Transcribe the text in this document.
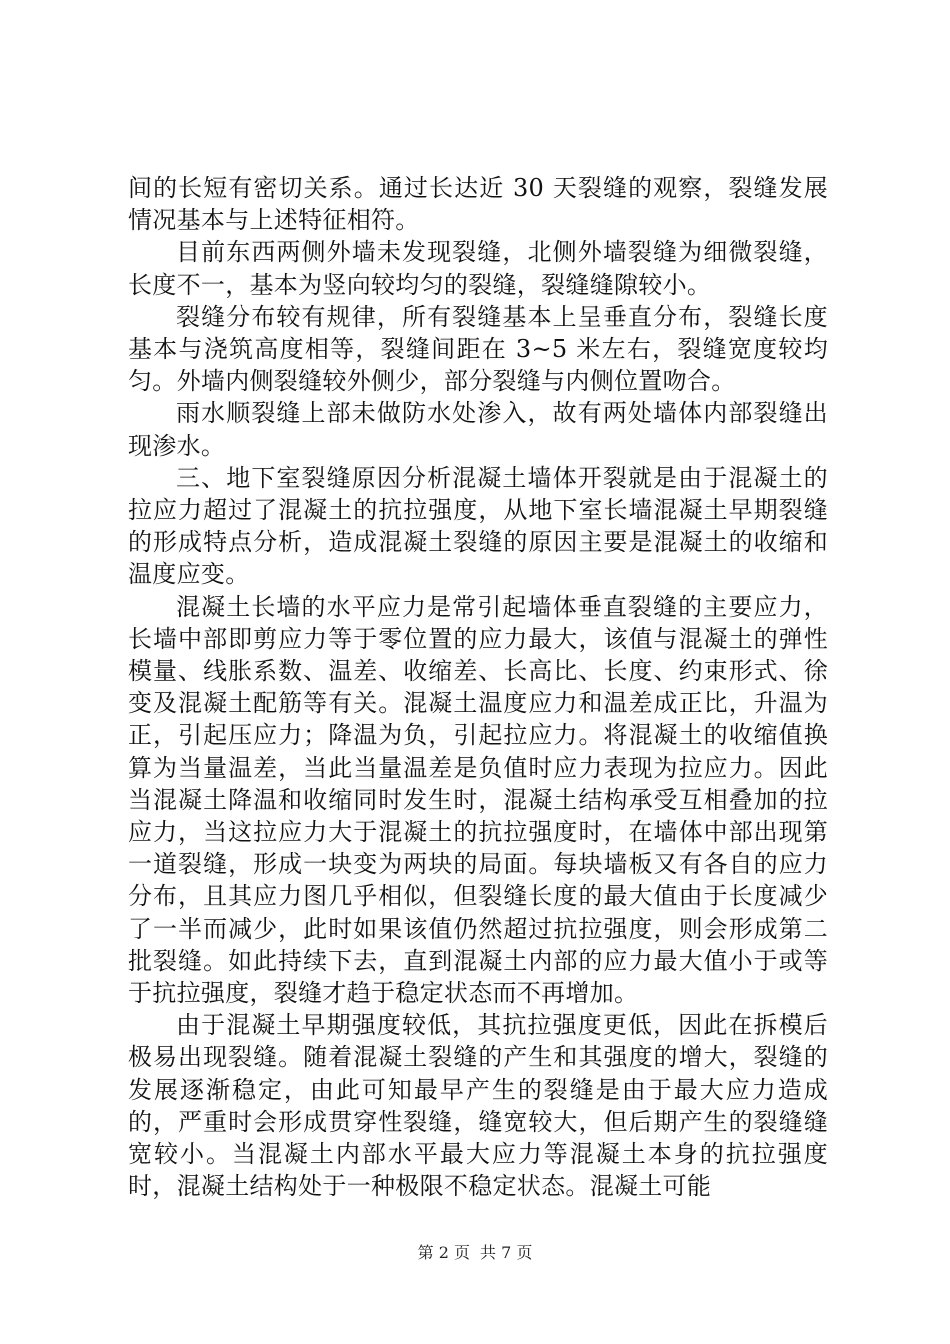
间的长短有密切关系。通过长达近 30 天裂缝的观察，裂缝发展情况基本与上述特征相符。

目前东西两侧外墙未发现裂缝，北侧外墙裂缝为细微裂缝，长度不一，基本为竖向较均匀的裂缝，裂缝缝隙较小。

裂缝分布较有规律，所有裂缝基本上呈垂直分布，裂缝长度基本与浇筑高度相等，裂缝间距在 3~5 米左右，裂缝宽度较均匀。外墙内侧裂缝较外侧少，部分裂缝与内侧位置吻合。

雨水顺裂缝上部未做防水处渗入，故有两处墙体内部裂缝出现渗水。

三、地下室裂缝原因分析混凝土墙体开裂就是由于混凝土的拉应力超过了混凝土的抗拉强度，从地下室长墙混凝土早期裂缝的形成特点分析，造成混凝土裂缝的原因主要是混凝土的收缩和温度应变。

混凝土长墙的水平应力是常引起墙体垂直裂缝的主要应力，长墙中部即剪应力等于零位置的应力最大，该值与混凝土的弹性模量、线胀系数、温差、收缩差、长高比、长度、约束形式、徐变及混凝土配筋等有关。混凝土温度应力和温差成正比，升温为正，引起压应力；降温为负，引起拉应力。将混凝土的收缩值换算为当量温差，当此当量温差是负值时应力表现为拉应力。因此当混凝土降温和收缩同时发生时，混凝土结构承受互相叠加的拉应力，当这拉应力大于混凝土的抗拉强度时，在墙体中部出现第一道裂缝，形成一块变为两块的局面。每块墙板又有各自的应力分布，且其应力图几乎相似，但裂缝长度的最大值由于长度减少了一半而减少，此时如果该值仍然超过抗拉强度，则会形成第二批裂缝。如此持续下去，直到混凝土内部的应力最大值小于或等于抗拉强度，裂缝才趋于稳定状态而不再增加。

由于混凝土早期强度较低，其抗拉强度更低，因此在拆模后极易出现裂缝。随着混凝土裂缝的产生和其强度的增大，裂缝的发展逐渐稳定，由此可知最早产生的裂缝是由于最大应力造成的，严重时会形成贯穿性裂缝，缝宽较大，但后期产生的裂缝缝宽较小。当混凝土内部水平最大应力等混凝土本身的抗拉强度时，混凝土结构处于一种极限不稳定状态。混凝土可能

第 2 页 共 7 页
